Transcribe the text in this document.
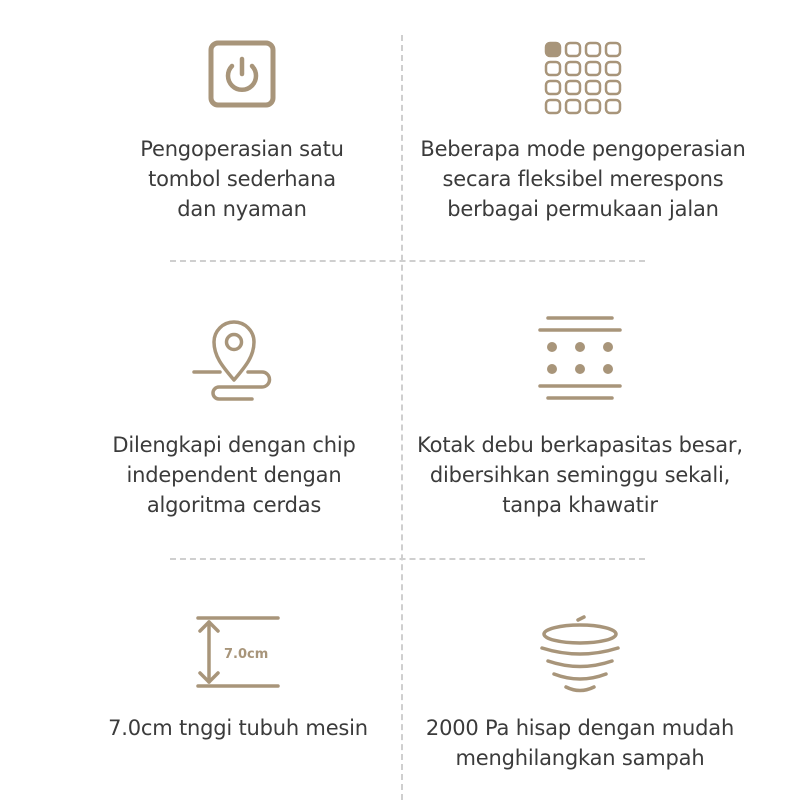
Pengoperasian satu
tombol sederhana
dan nyaman
Beberapa mode pengoperasian
secara fleksibel merespons
berbagai permukaan jalan
Dilengkapi dengan chip
independent dengan
algoritma cerdas
Kotak debu berkapasitas besar,
dibersihkan seminggu sekali,
tanpa khawatir
7.0cm
7.0cm tnggi tubuh mesin	2000 Pa hisap dengan mudah
menghilangkan sampah
